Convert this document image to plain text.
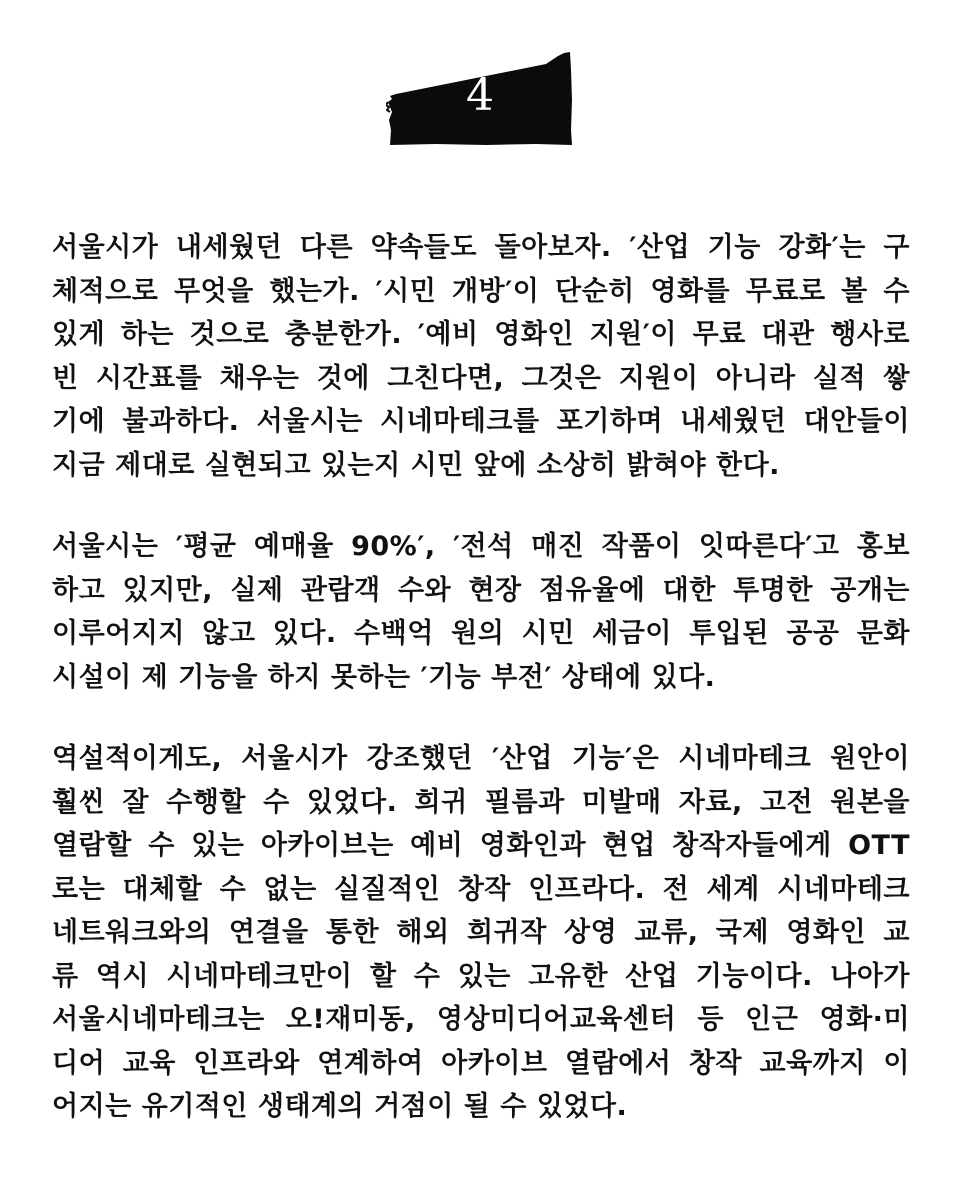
4

서울시가 내세웠던 다른 약속들도 돌아보자. ′산업 기능 강화′는 구
체적으로 무엇을 했는가. ′시민 개방′이 단순히 영화를 무료로 볼 수
있게 하는 것으로 충분한가. ′예비 영화인 지원′이 무료 대관 행사로
빈 시간표를 채우는 것에 그친다면, 그것은 지원이 아니라 실적 쌓
기에 불과하다. 서울시는 시네마테크를 포기하며 내세웠던 대안들이
지금 제대로 실현되고 있는지 시민 앞에 소상히 밝혀야 한다.

서울시는 ′평균 예매율 90%′, ′전석 매진 작품이 잇따른다′고 홍보
하고 있지만, 실제 관람객 수와 현장 점유율에 대한 투명한 공개는
이루어지지 않고 있다. 수백억 원의 시민 세금이 투입된 공공 문화
시설이 제 기능을 하지 못하는 ′기능 부전′ 상태에 있다.

역설적이게도, 서울시가 강조했던 ′산업 기능′은 시네마테크 원안이
훨씬 잘 수행할 수 있었다. 희귀 필름과 미발매 자료, 고전 원본을
열람할 수 있는 아카이브는 예비 영화인과 현업 창작자들에게 OTT
로는 대체할 수 없는 실질적인 창작 인프라다. 전 세계 시네마테크
네트워크와의 연결을 통한 해외 희귀작 상영 교류, 국제 영화인 교
류 역시 시네마테크만이 할 수 있는 고유한 산업 기능이다. 나아가
서울시네마테크는 오!재미동, 영상미디어교육센터 등 인근 영화·미
디어 교육 인프라와 연계하여 아카이브 열람에서 창작 교육까지 이
어지는 유기적인 생태계의 거점이 될 수 있었다.
